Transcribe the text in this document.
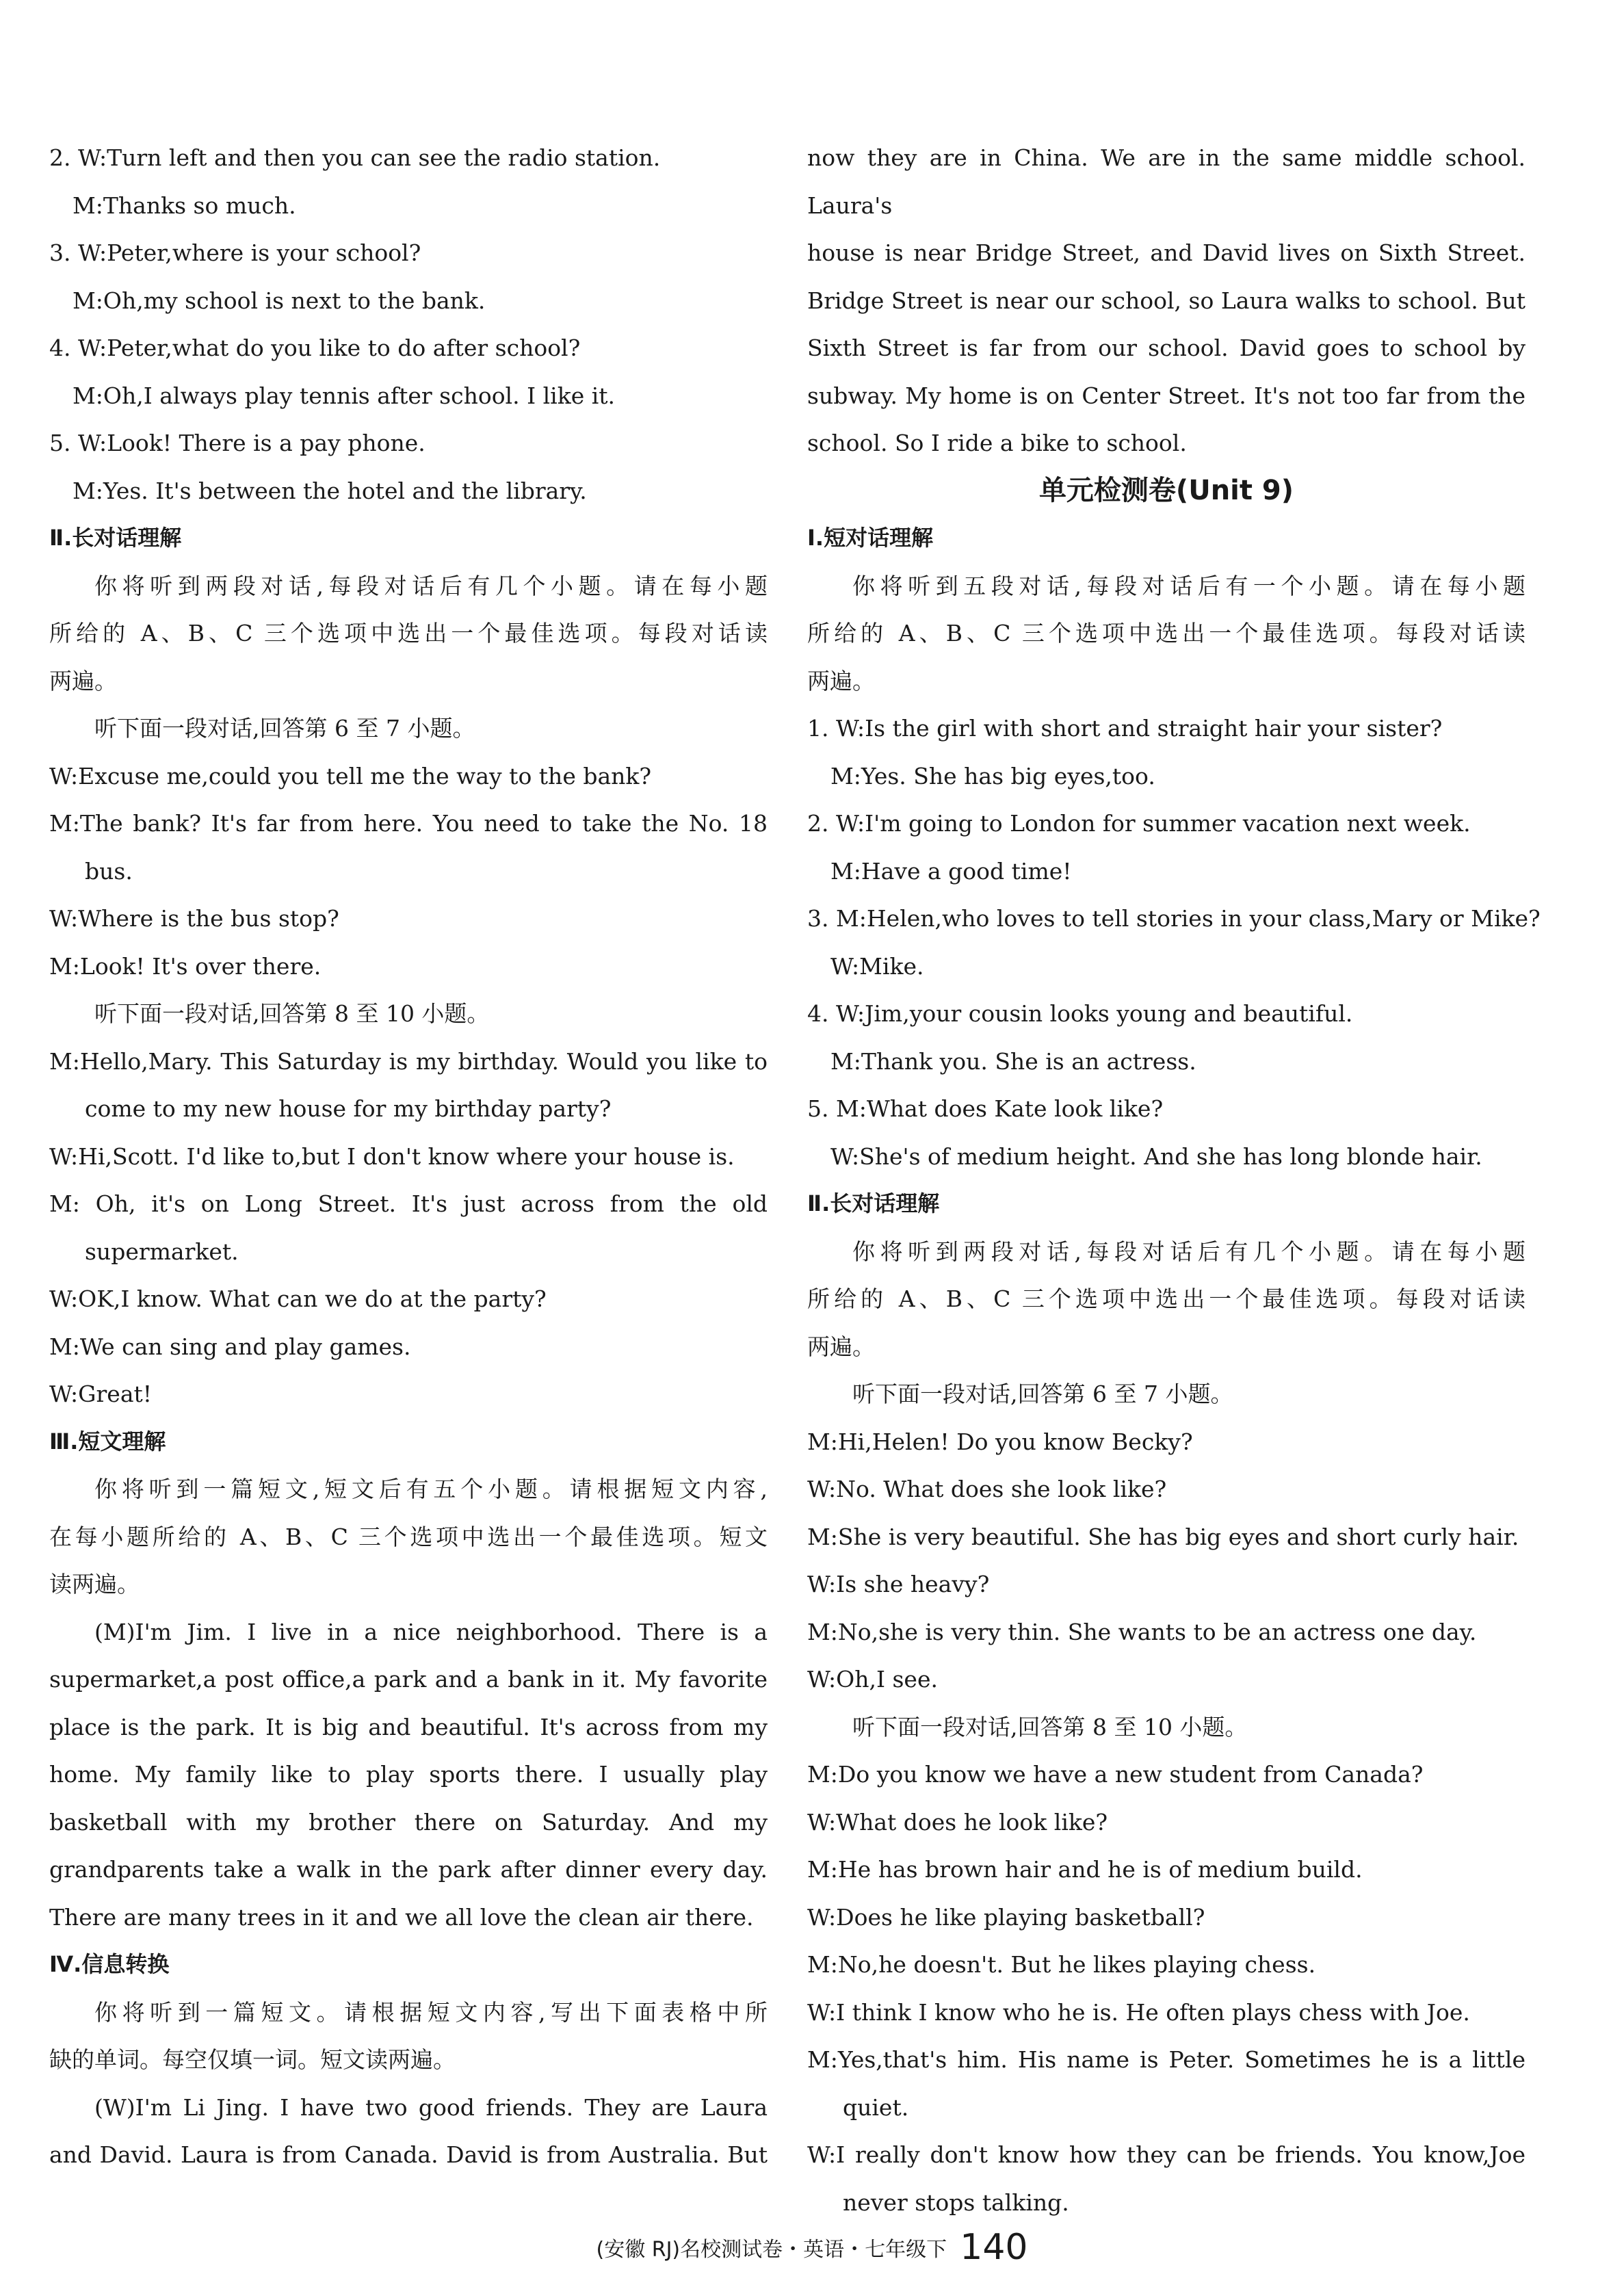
2. W:Turn left and then you can see the radio station.
M:Thanks so much.
3. W:Peter,where is your school?
M:Oh,my school is next to the bank.
4. W:Peter,what do you like to do after school?
M:Oh,I always play tennis after school. I like it.
5. W:Look! There is a pay phone.
M:Yes. It's between the hotel and the library.
Ⅱ.长对话理解
你将听到两段对话,每段对话后有几个小题。请在每小题
所给的 A、B、C 三个选项中选出一个最佳选项。每段对话读
两遍。
听下面一段对话,回答第 6 至 7 小题。
W:Excuse me,could you tell me the way to the bank?
M:The bank? It's far from here. You need to take the No. 18
bus.
W:Where is the bus stop?
M:Look! It's over there.
听下面一段对话,回答第 8 至 10 小题。
M:Hello,Mary. This Saturday is my birthday. Would you like to
come to my new house for my birthday party?
W:Hi,Scott. I'd like to,but I don't know where your house is.
M: Oh, it's on Long Street. It's just across from the old
supermarket.
W:OK,I know. What can we do at the party?
M:We can sing and play games.
W:Great!
Ⅲ.短文理解
你将听到一篇短文,短文后有五个小题。请根据短文内容,
在每小题所给的 A、B、C 三个选项中选出一个最佳选项。短文
读两遍。
(M)I'm Jim. I live in a nice neighborhood. There is a
supermarket,a post office,a park and a bank in it. My favorite
place is the park. It is big and beautiful. It's across from my
home. My family like to play sports there. I usually play
basketball with my brother there on Saturday. And my
grandparents take a walk in the park after dinner every day.
There are many trees in it and we all love the clean air there.
Ⅳ.信息转换
你将听到一篇短文。请根据短文内容,写出下面表格中所
缺的单词。每空仅填一词。短文读两遍。
(W)I'm Li Jing. I have two good friends. They are Laura
and David. Laura is from Canada. David is from Australia. But
now they are in China. We are in the same middle school. Laura's
house is near Bridge Street, and David lives on Sixth Street.
Bridge Street is near our school, so Laura walks to school. But
Sixth Street is far from our school. David goes to school by
subway. My home is on Center Street. It's not too far from the
school. So I ride a bike to school.
单元检测卷(Unit 9)
Ⅰ.短对话理解
你将听到五段对话,每段对话后有一个小题。请在每小题
所给的 A、B、C 三个选项中选出一个最佳选项。每段对话读
两遍。
1. W:Is the girl with short and straight hair your sister?
M:Yes. She has big eyes,too.
2. W:I'm going to London for summer vacation next week.
M:Have a good time!
3. M:Helen,who loves to tell stories in your class,Mary or Mike?
W:Mike.
4. W:Jim,your cousin looks young and beautiful.
M:Thank you. She is an actress.
5. M:What does Kate look like?
W:She's of medium height. And she has long blonde hair.
Ⅱ.长对话理解
你将听到两段对话,每段对话后有几个小题。请在每小题
所给的 A、B、C 三个选项中选出一个最佳选项。每段对话读
两遍。
听下面一段对话,回答第 6 至 7 小题。
M:Hi,Helen! Do you know Becky?
W:No. What does she look like?
M:She is very beautiful. She has big eyes and short curly hair.
W:Is she heavy?
M:No,she is very thin. She wants to be an actress one day.
W:Oh,I see.
听下面一段对话,回答第 8 至 10 小题。
M:Do you know we have a new student from Canada?
W:What does he look like?
M:He has brown hair and he is of medium build.
W:Does he like playing basketball?
M:No,he doesn't. But he likes playing chess.
W:I think I know who he is. He often plays chess with Joe.
M:Yes,that's him. His name is Peter. Sometimes he is a little
quiet.
W:I really don't know how they can be friends. You know,Joe
never stops talking.
(安徽 RJ)名校测试卷・英语・七年级下 140
